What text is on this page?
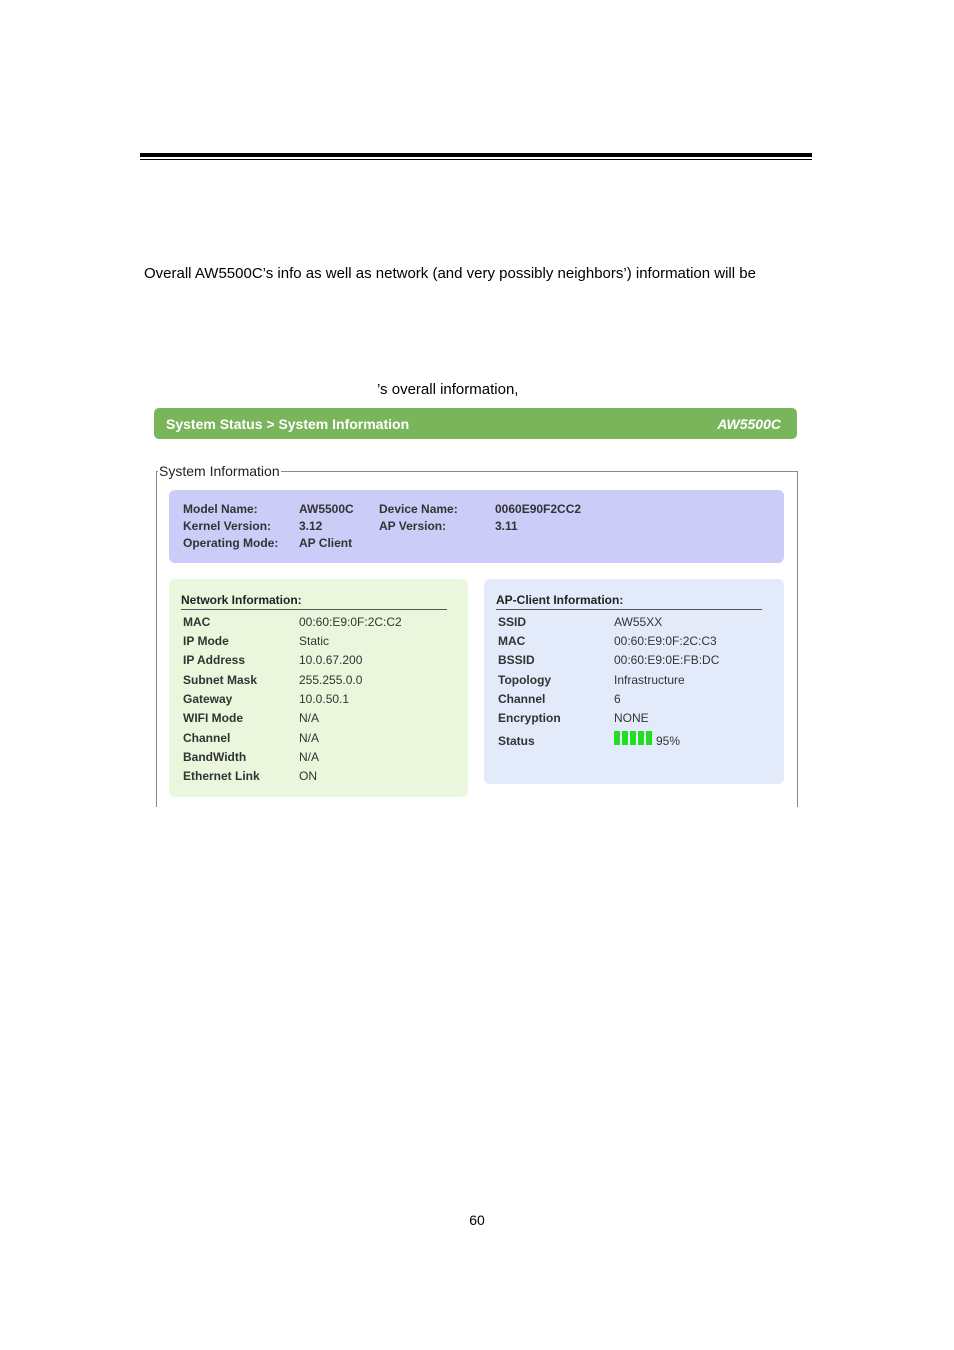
Overall AW5500C’s info as well as network (and very possibly neighbors’) information will be
’s overall information,
System Status > System Information	AW5500C
System Information
Model Name:	AW5500C Device Name:	0060E90F2CC2
Kernel Version: 3.12	AP Version:	3.11
Operating Mode: AP Client
Network Information:
MAC	00:60:E9:0F:2C:C2
IP Mode	Static
IP Address	10.0.67.200
Subnet Mask	255.255.0.0
Gateway	10.0.50.1
WIFI Mode	N/A
Channel	N/A
BandWidth	N/A
Ethernet Link	ON
AP-Client Information:
SSID	AW55XX
MAC	00:60:E9:0F:2C:C3
BSSID	00:60:E9:0E:FB:DC
Topology	Infrastructure
Channel	6
Encryption	NONE
Status	95%
60
